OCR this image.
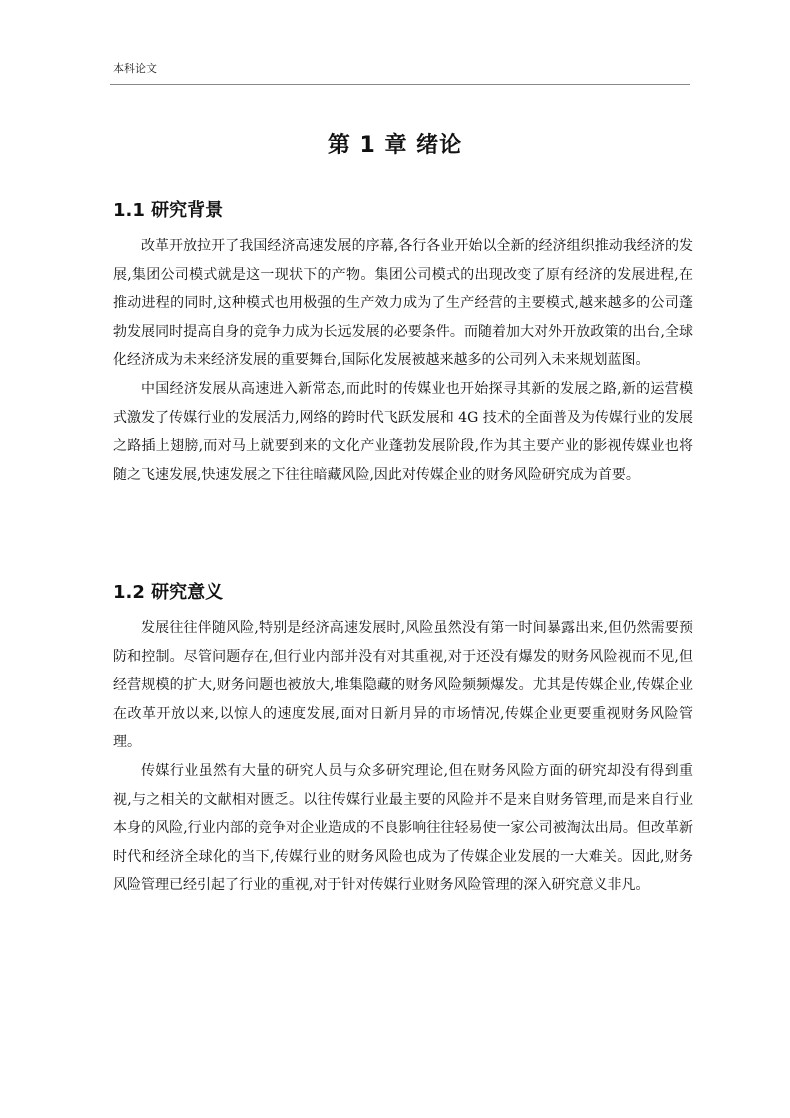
本科论文
第 1 章 绪论
1.1 研究背景

改革开放拉开了我国经济高速发展的序幕,各行各业开始以全新的经济组织推动我经济的发展,集团公司模式就是这一现状下的产物。集团公司模式的出现改变了原有经济的发展进程,在推动进程的同时,这种模式也用极强的生产效力成为了生产经营的主要模式,越来越多的公司蓬勃发展同时提高自身的竞争力成为长远发展的必要条件。而随着加大对外开放政策的出台,全球化经济成为未来经济发展的重要舞台,国际化发展被越来越多的公司列入未来规划蓝图。

中国经济发展从高速进入新常态,而此时的传媒业也开始探寻其新的发展之路,新的运营模式激发了传媒行业的发展活力,网络的跨时代飞跃发展和 4G 技术的全面普及为传媒行业的发展之路插上翅膀,而对马上就要到来的文化产业蓬勃发展阶段,作为其主要产业的影视传媒业也将随之飞速发展,快速发展之下往往暗藏风险,因此对传媒企业的财务风险研究成为首要。

1.2 研究意义

发展往往伴随风险,特别是经济高速发展时,风险虽然没有第一时间暴露出来,但仍然需要预防和控制。尽管问题存在,但行业内部并没有对其重视,对于还没有爆发的财务风险视而不见,但经营规模的扩大,财务问题也被放大,堆集隐藏的财务风险频频爆发。尤其是传媒企业,传媒企业在改革开放以来,以惊人的速度发展,面对日新月异的市场情况,传媒企业更要重视财务风险管理。

传媒行业虽然有大量的研究人员与众多研究理论,但在财务风险方面的研究却没有得到重视,与之相关的文献相对匮乏。以往传媒行业最主要的风险并不是来自财务管理,而是来自行业本身的风险,行业内部的竞争对企业造成的不良影响往往轻易使一家公司被淘汰出局。但改革新时代和经济全球化的当下,传媒行业的财务风险也成为了传媒企业发展的一大难关。因此,财务风险管理已经引起了行业的重视,对于针对传媒行业财务风险管理的深入研究意义非凡。
